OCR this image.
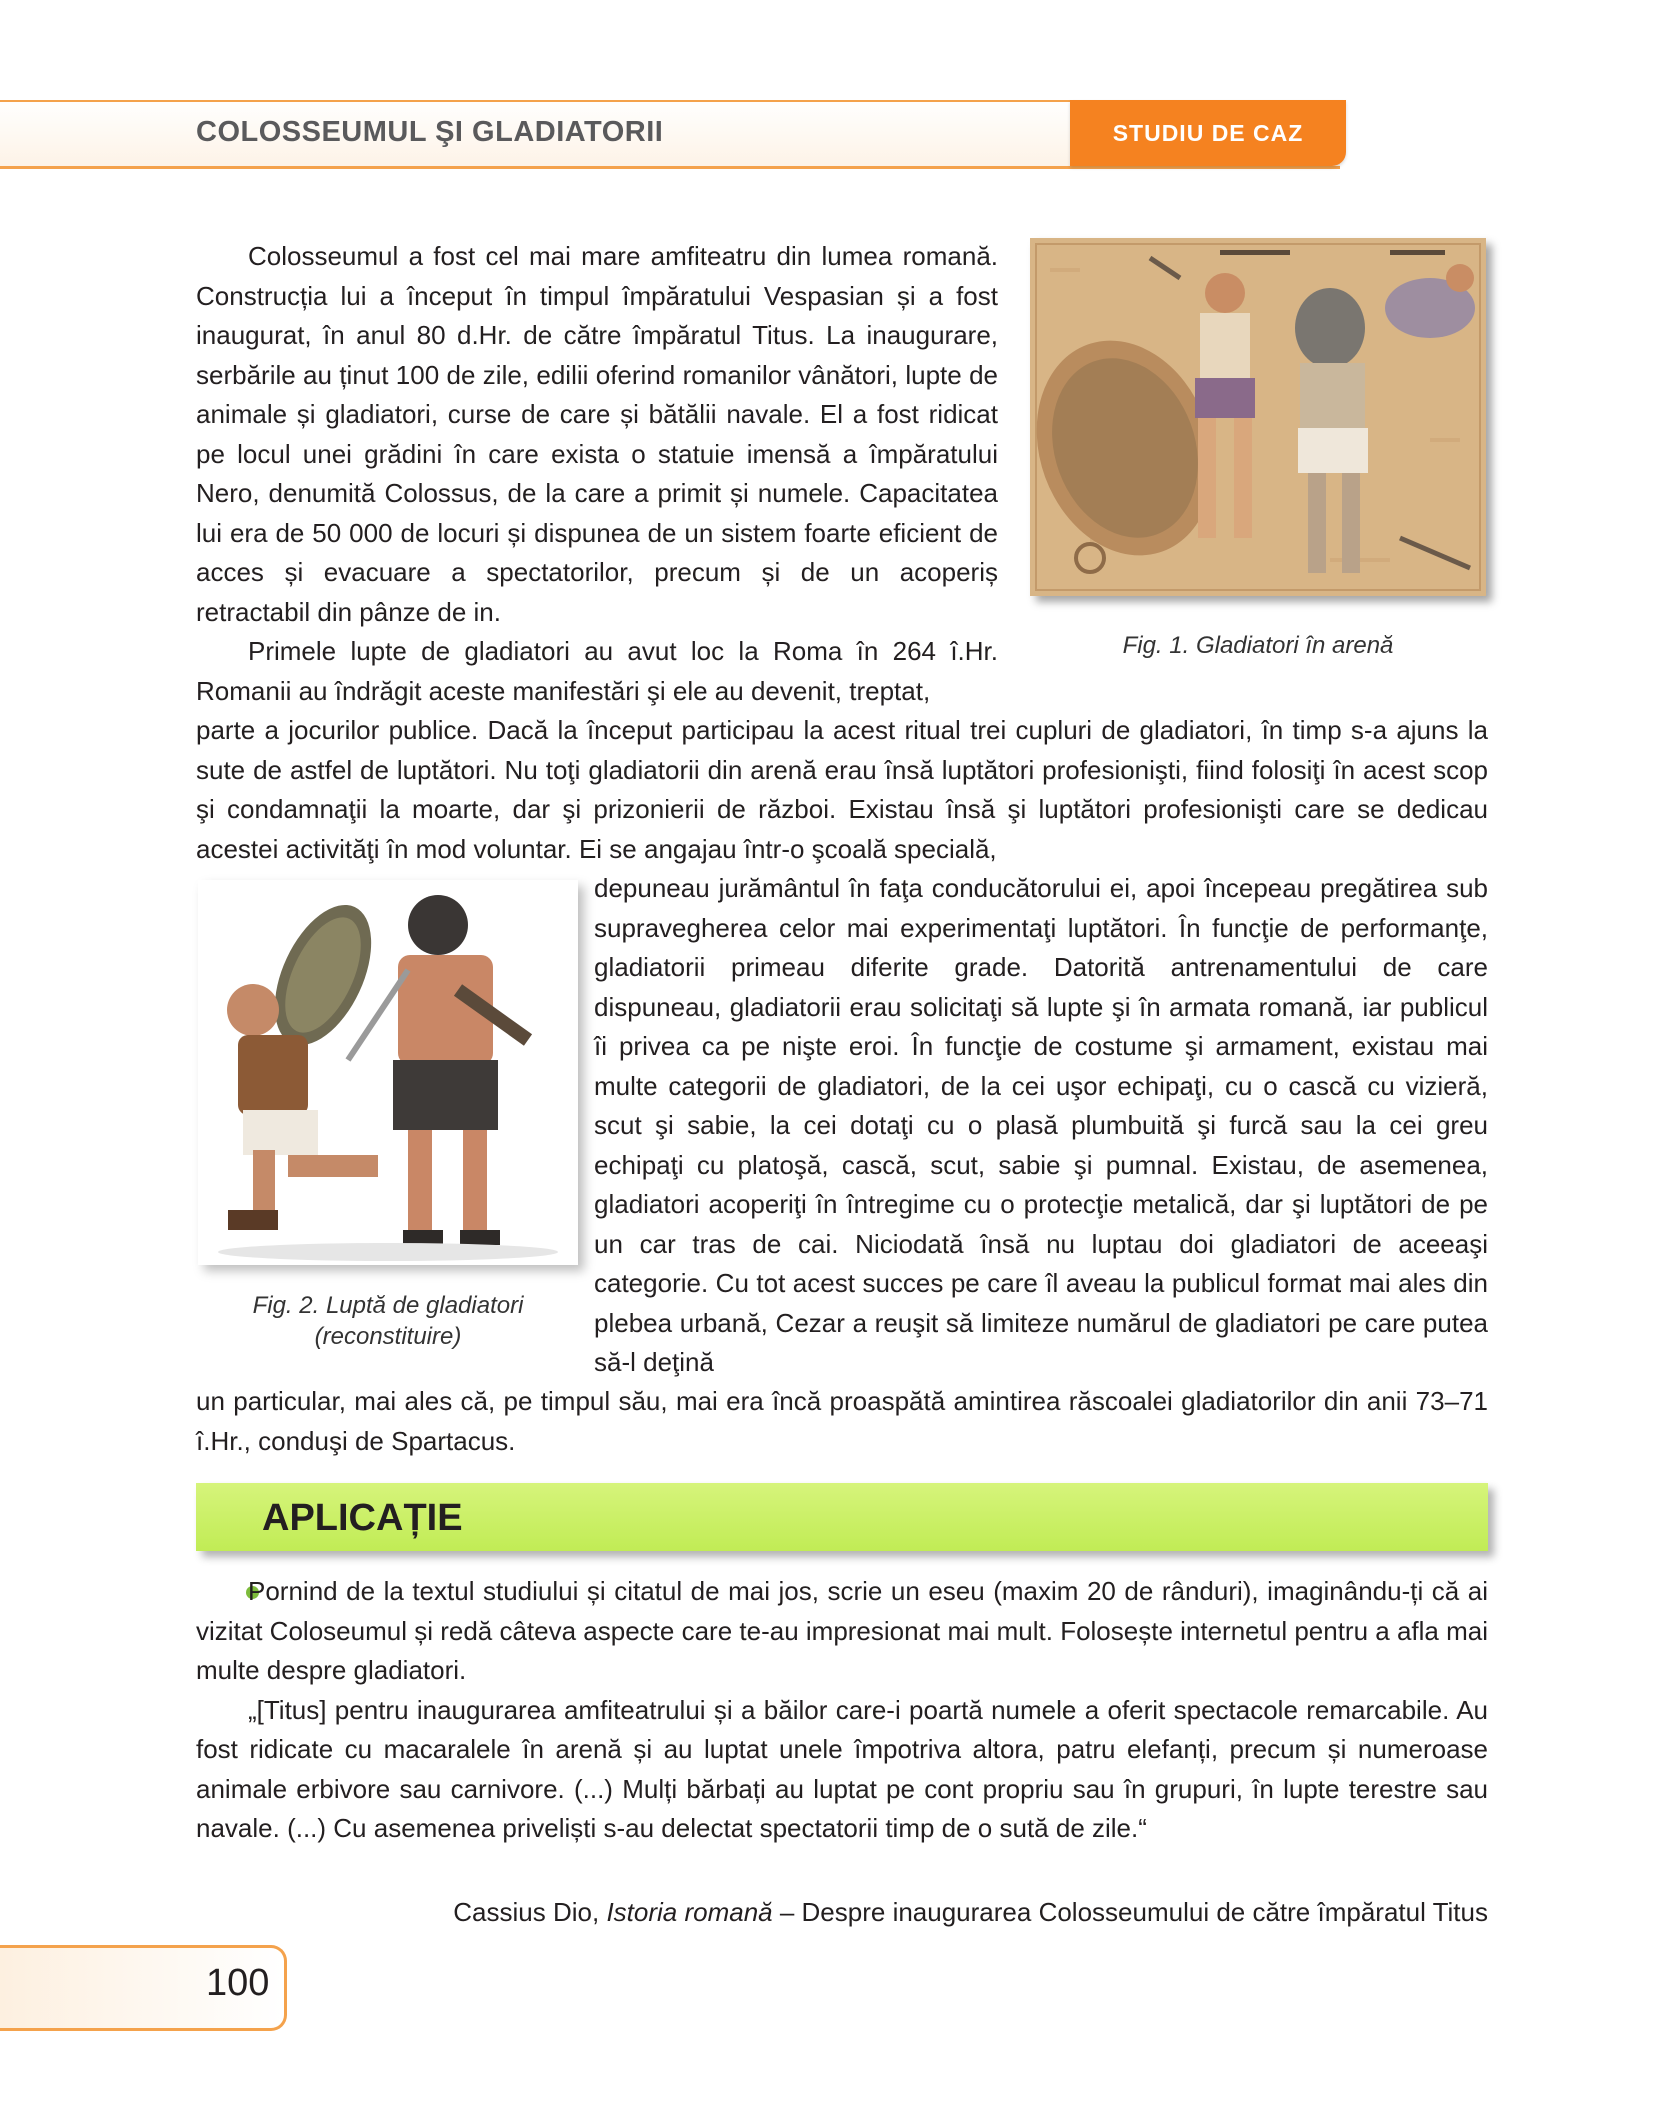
COLOSSEUMUL ŞI GLADIATORII	STUDIU DE CAZ
Fig. 1. Gladiatori în arenă

Colosseumul a fost cel mai mare amfiteatru din lumea romană. Construcția lui a început în timpul împăratului Vespasian și a fost inaugurat, în anul 80 d.Hr. de către împăratul Titus. La inaugurare, serbările au ținut 100 de zile, edilii oferind romanilor vânători, lupte de animale și gladiatori, curse de care și bătălii navale. El a fost ridicat pe locul unei grădini în care exista o statuie imensă a împăratului Nero, denumită Colossus, de la care a primit și numele. Capacitatea lui era de 50 000 de locuri și dispunea de un sistem foarte eficient de acces și evacuare a spectatorilor, precum și de un acoperiș retractabil din pânze de in.

Primele lupte de gladiatori au avut loc la Roma în 264 î.Hr. Romanii au îndrăgit aceste manifestări şi ele au devenit, treptat,

parte a jocurilor publice. Dacă la început participau la acest ritual trei cupluri de gladiatori, în timp s-a ajuns la sute de astfel de luptători. Nu toţi gladiatorii din arenă erau însă luptători profesionişti, fiind folosiţi în acest scop şi condamnaţii la moarte, dar şi prizonierii de război. Existau însă şi luptători profesionişti care se dedicau acestei activităţi în mod voluntar. Ei se angajau într-o şcoală specială,
Fig. 2. Luptă de gladiatori
(reconstituire)
depuneau jurământul în faţa conducătorului ei, apoi începeau pregătirea sub supravegherea celor mai experimentaţi luptători. În funcţie de performanţe, gladiatorii primeau diferite grade. Datorită antrenamentului de care dispuneau, gladiatorii erau solicitaţi să lupte şi în armata romană, iar publicul îi privea ca pe nişte eroi. În funcţie de costume şi armament, existau mai multe categorii de gladiatori, de la cei uşor echipaţi, cu o cască cu vizieră, scut şi sabie, la cei dotaţi cu o plasă plumbuită şi furcă sau la cei greu echipaţi cu platoşă, cască, scut, sabie şi pumnal. Existau, de asemenea, gladiatori acoperiţi în întregime cu o protecţie metalică, dar şi luptători de pe un car tras de cai. Niciodată însă nu luptau doi gladiatori de aceeaşi categorie. Cu tot acest succes pe care îl aveau la publicul format mai ales din plebea urbană, Cezar a reuşit să limiteze numărul de gladiatori pe care putea să-l deţină
un particular, mai ales că, pe timpul său, mai era încă proaspătă amintirea răscoalei gladiatorilor din anii 73–71 î.Hr., conduşi de Spartacus.
APLICAȚIE

Pornind de la textul studiului și citatul de mai jos, scrie un eseu (maxim 20 de rânduri), imaginându-ți că ai vizitat Coloseumul și redă câteva aspecte care te-au impresionat mai mult. Folosește internetul pentru a afla mai multe despre gladiatori.

„[Titus] pentru inaugurarea amfiteatrului și a băilor care-i poartă numele a oferit spectacole remarcabile. Au fost ridicate cu macaralele în arenă și au luptat unele împotriva altora, patru elefanți, precum și numeroase animale erbivore sau carnivore. (...) Mulți bărbați au luptat pe cont propriu sau în grupuri, în lupte terestre sau navale. (...) Cu asemenea priveliști s-au delectat spectatorii timp de o sută de zile.“

Cassius Dio, Istoria romană – Despre inaugurarea Colosseumului de către împăratul Titus
100
